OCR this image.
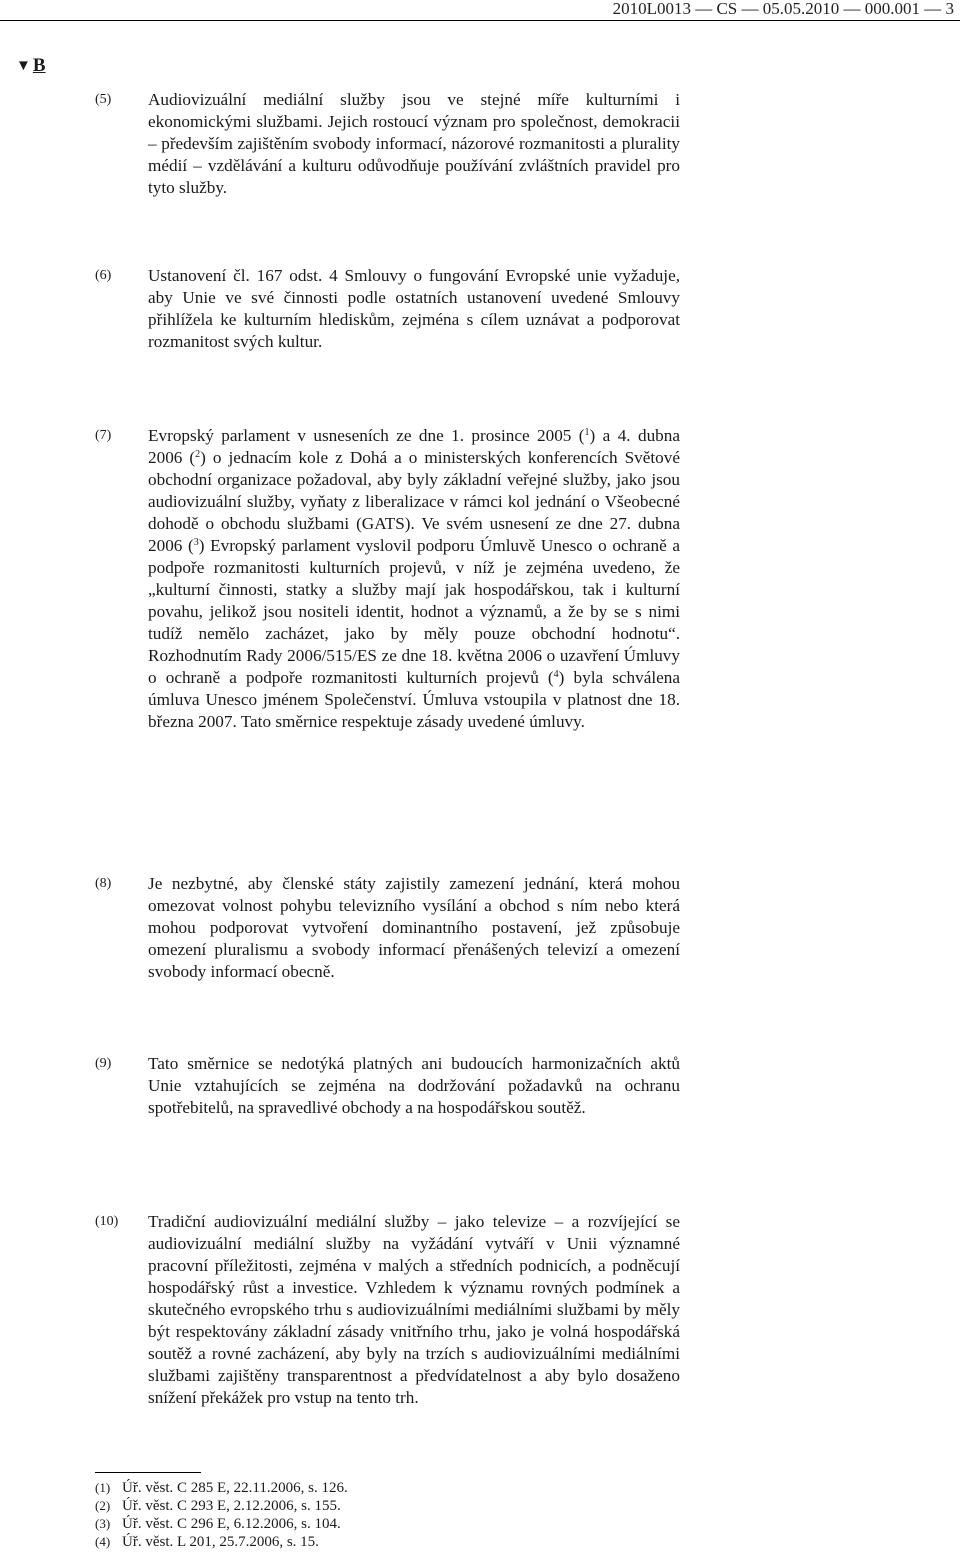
2010L0013 — CS — 05.05.2010 — 000.001 — 3
▼ B
(5) Audiovizuální mediální služby jsou ve stejné míře kulturními i ekonomickými službami. Jejich rostoucí význam pro společnost, demokracii – především zajištěním svobody informací, názorové rozmanitosti a plurality médií – vzdělávání a kulturu odůvodňuje používání zvláštních pravidel pro tyto služby.
(6) Ustanovení čl. 167 odst. 4 Smlouvy o fungování Evropské unie vyžaduje, aby Unie ve své činnosti podle ostatních ustanovení uvedené Smlouvy přihlížela ke kulturním hlediskům, zejména s cílem uznávat a podporovat rozmanitost svých kultur.
(7) Evropský parlament v usneseních ze dne 1. prosince 2005 ($^1$) a 4. dubna 2006 ($^2$) o jednacím kole z Dohá a o ministerských konferencích Světové obchodní organizace požadoval, aby byly základní veřejné služby, jako jsou audiovizuální služby, vyňaty z liberalizace v rámci kol jednání o Všeobecné dohodě o obchodu službami (GATS). Ve svém usnesení ze dne 27. dubna 2006 ($^3$) Evropský parlament vyslovil podporu Úmluvě Unesco o ochraně a podpoře rozmanitosti kulturních projevů, v níž je zejména uvedeno, že „kulturní činnosti, statky a služby mají jak hospodářskou, tak i kulturní povahu, jelikož jsou nositeli identit, hodnot a významů, a že by se s nimi tudíž nemělo zacházet, jako by měly pouze obchodní hodnotu“. Rozhodnutím Rady 2006/515/ES ze dne 18. května 2006 o uzavření Úmluvy o ochraně a podpoře rozmanitosti kulturních projevů ($^4$) byla schválena úmluva Unesco jménem Společenství. Úmluva vstoupila v platnost dne 18. března 2007. Tato směrnice respektuje zásady uvedené úmluvy.
(8) Je nezbytné, aby členské státy zajistily zamezení jednání, která mohou omezovat volnost pohybu televizního vysílání a obchod s ním nebo která mohou podporovat vytvoření dominantního postavení, jež způsobuje omezení pluralismu a svobody informací přenášených televizí a omezení svobody informací obecně.
(9) Tato směrnice se nedotýká platných ani budoucích harmonizačních aktů Unie vztahujících se zejména na dodržování požadavků na ochranu spotřebitelů, na spravedlivé obchody a na hospodářskou soutěž.
(10) Tradiční audiovizuální mediální služby – jako televize – a rozvíjející se audiovizuální mediální služby na vyžádání vytváří v Unii významné pracovní příležitosti, zejména v malých a středních podnicích, a podněcují hospodářský růst a investice. Vzhledem k významu rovných podmínek a skutečného evropského trhu s audiovizuálními mediálními službami by měly být respektovány základní zásady vnitřního trhu, jako je volná hospodářská soutěž a rovné zacházení, aby byly na trzích s audiovizuálními mediálními službami zajištěny transparentnost a předvídatelnost a aby bylo dosaženo snížení překážek pro vstup na tento trh.
(1) Úř. věst. C 285 E, 22.11.2006, s. 126.
(2) Úř. věst. C 293 E, 2.12.2006, s. 155.
(3) Úř. věst. C 296 E, 6.12.2006, s. 104.
(4) Úř. věst. L 201, 25.7.2006, s. 15.
